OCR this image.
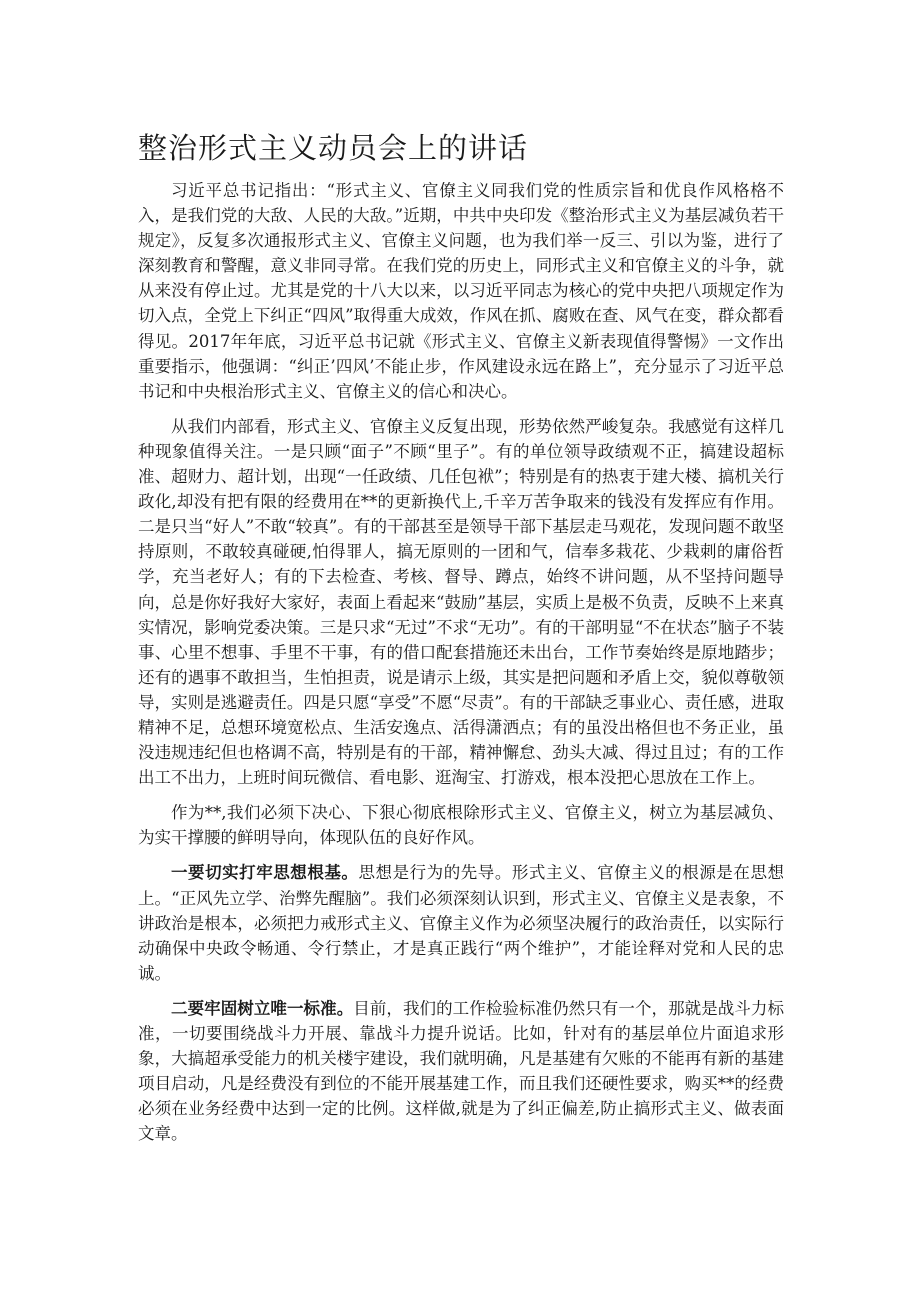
整治形式主义动员会上的讲话

习近平总书记指出：“形式主义、官僚主义同我们党的性质宗旨和优良作风格格不入，是我们党的大敌、人民的大敌。”近期，中共中央印发《整治形式主义为基层减负若干规定》，反复多次通报形式主义、官僚主义问题，也为我们举一反三、引以为鉴，进行了深刻教育和警醒，意义非同寻常。在我们党的历史上，同形式主义和官僚主义的斗争，就从来没有停止过。尤其是党的十八大以来，以习近平同志为核心的党中央把八项规定作为切入点，全党上下纠正“四风”取得重大成效，作风在抓、腐败在查、风气在变，群众都看得见。2017年年底，习近平总书记就《形式主义、官僚主义新表现值得警惕》一文作出重要指示，他强调：“纠正’四风’不能止步，作风建设永远在路上”，充分显示了习近平总书记和中央根治形式主义、官僚主义的信心和决心。

从我们内部看，形式主义、官僚主义反复出现，形势依然严峻复杂。我感觉有这样几种现象值得关注。一是只顾“面子”不顾“里子”。有的单位领导政绩观不正，搞建设超标准、超财力、超计划，出现“一任政绩、几任包袱”；特别是有的热衷于建大楼、搞机关行政化,却没有把有限的经费用在**的更新换代上,千辛万苦争取来的钱没有发挥应有作用。二是只当“好人”不敢“较真”。有的干部甚至是领导干部下基层走马观花，发现问题不敢坚持原则，不敢较真碰硬,怕得罪人，搞无原则的一团和气，信奉多栽花、少栽刺的庸俗哲学，充当老好人；有的下去检查、考核、督导、蹲点，始终不讲问题，从不坚持问题导向，总是你好我好大家好，表面上看起来“鼓励”基层，实质上是极不负责，反映不上来真实情况，影响党委决策。三是只求“无过”不求“无功”。有的干部明显“不在状态”脑子不装事、心里不想事、手里不干事，有的借口配套措施还未出台，工作节奏始终是原地踏步；还有的遇事不敢担当，生怕担责，说是请示上级，其实是把问题和矛盾上交，貌似尊敬领导，实则是逃避责任。四是只愿“享受”不愿“尽责”。有的干部缺乏事业心、责任感，进取精神不足，总想环境宽松点、生活安逸点、活得潇洒点；有的虽没出格但也不务正业，虽没违规违纪但也格调不高，特别是有的干部，精神懈怠、劲头大减、得过且过；有的工作出工不出力，上班时间玩微信、看电影、逛淘宝、打游戏，根本没把心思放在工作上。

作为**,我们必须下决心、下狠心彻底根除形式主义、官僚主义，树立为基层减负、为实干撑腰的鲜明导向，体现队伍的良好作风。

一要切实打牢思想根基。思想是行为的先导。形式主义、官僚主义的根源是在思想上。“正风先立学、治弊先醒脑”。我们必须深刻认识到，形式主义、官僚主义是表象，不讲政治是根本，必须把力戒形式主义、官僚主义作为必须坚决履行的政治责任，以实际行动确保中央政令畅通、令行禁止，才是真正践行“两个维护”，才能诠释对党和人民的忠诚。

二要牢固树立唯一标准。目前，我们的工作检验标准仍然只有一个，那就是战斗力标准，一切要围绕战斗力开展、靠战斗力提升说话。比如，针对有的基层单位片面追求形象，大搞超承受能力的机关楼宇建设，我们就明确，凡是基建有欠账的不能再有新的基建项目启动，凡是经费没有到位的不能开展基建工作，而且我们还硬性要求，购买**的经费必须在业务经费中达到一定的比例。这样做,就是为了纠正偏差,防止搞形式主义、做表面文章。
